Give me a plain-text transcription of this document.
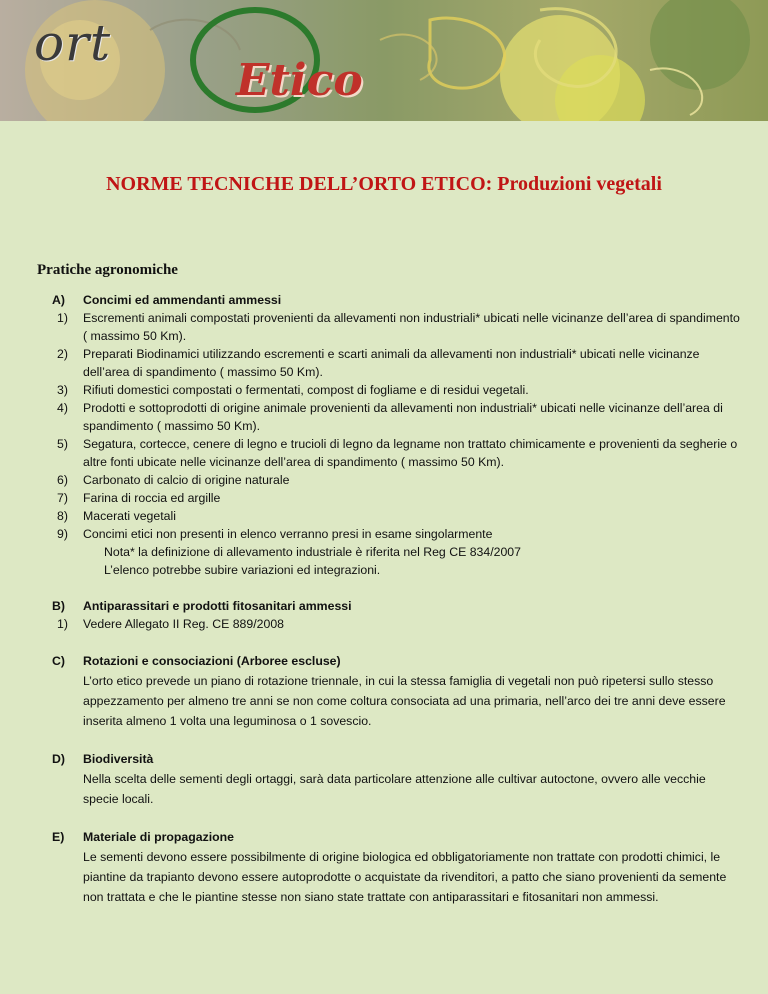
ort
Etico
NORME TECNICHE DELL’ORTO ETICO: Produzioni vegetali
Pratiche agronomiche
A)	Concimi ed ammendanti ammessi
1)	Escrementi animali compostati provenienti da allevamenti non industriali* ubicati nelle vicinanze dell’area di spandimento ( massimo 50 Km).
2)	Preparati Biodinamici utilizzando escrementi e scarti animali da allevamenti non industriali* ubicati nelle vicinanze dell’area di spandimento ( massimo 50 Km).
3)	Rifiuti domestici compostati o fermentati, compost di fogliame e di residui vegetali.
4)	Prodotti e sottoprodotti di origine animale provenienti da allevamenti non industriali* ubicati nelle vicinanze dell’area di spandimento ( massimo 50 Km).
5)	Segatura, cortecce, cenere di legno e trucioli di legno da legname non trattato chimicamente e provenienti da segherie o altre fonti ubicate nelle vicinanze dell’area di spandimento ( massimo 50 Km).
6)	Carbonato di calcio di origine naturale
7)	Farina di roccia ed argille
8)	Macerati vegetali
9)	Concimi etici non presenti in elenco verranno presi in esame singolarmente
Nota* la definizione di allevamento industriale è riferita nel Reg CE 834/2007
L’elenco potrebbe subire variazioni ed integrazioni.
B)	Antiparassitari e prodotti fitosanitari ammessi
1)	Vedere Allegato II Reg. CE 889/2008
C)	Rotazioni e consociazioni (Arboree escluse)
L’orto etico prevede un piano di rotazione triennale, in cui la stessa famiglia di vegetali non può ripetersi sullo stesso appezzamento per almeno tre anni se non come coltura consociata ad una primaria, nell’arco dei tre anni deve essere inserita almeno 1 volta una leguminosa o 1 sovescio.
D)	Biodiversità
Nella scelta delle sementi degli ortaggi, sarà data particolare attenzione alle cultivar autoctone, ovvero alle vecchie specie locali.
E)	Materiale di propagazione
Le sementi devono essere possibilmente di origine biologica ed obbligatoriamente non trattate con prodotti chimici, le piantine da trapianto devono essere autoprodotte o acquistate da rivenditori, a patto che siano provenienti da semente non trattata e che le piantine stesse non siano state trattate con antiparassitari e fitosanitari non ammessi.
